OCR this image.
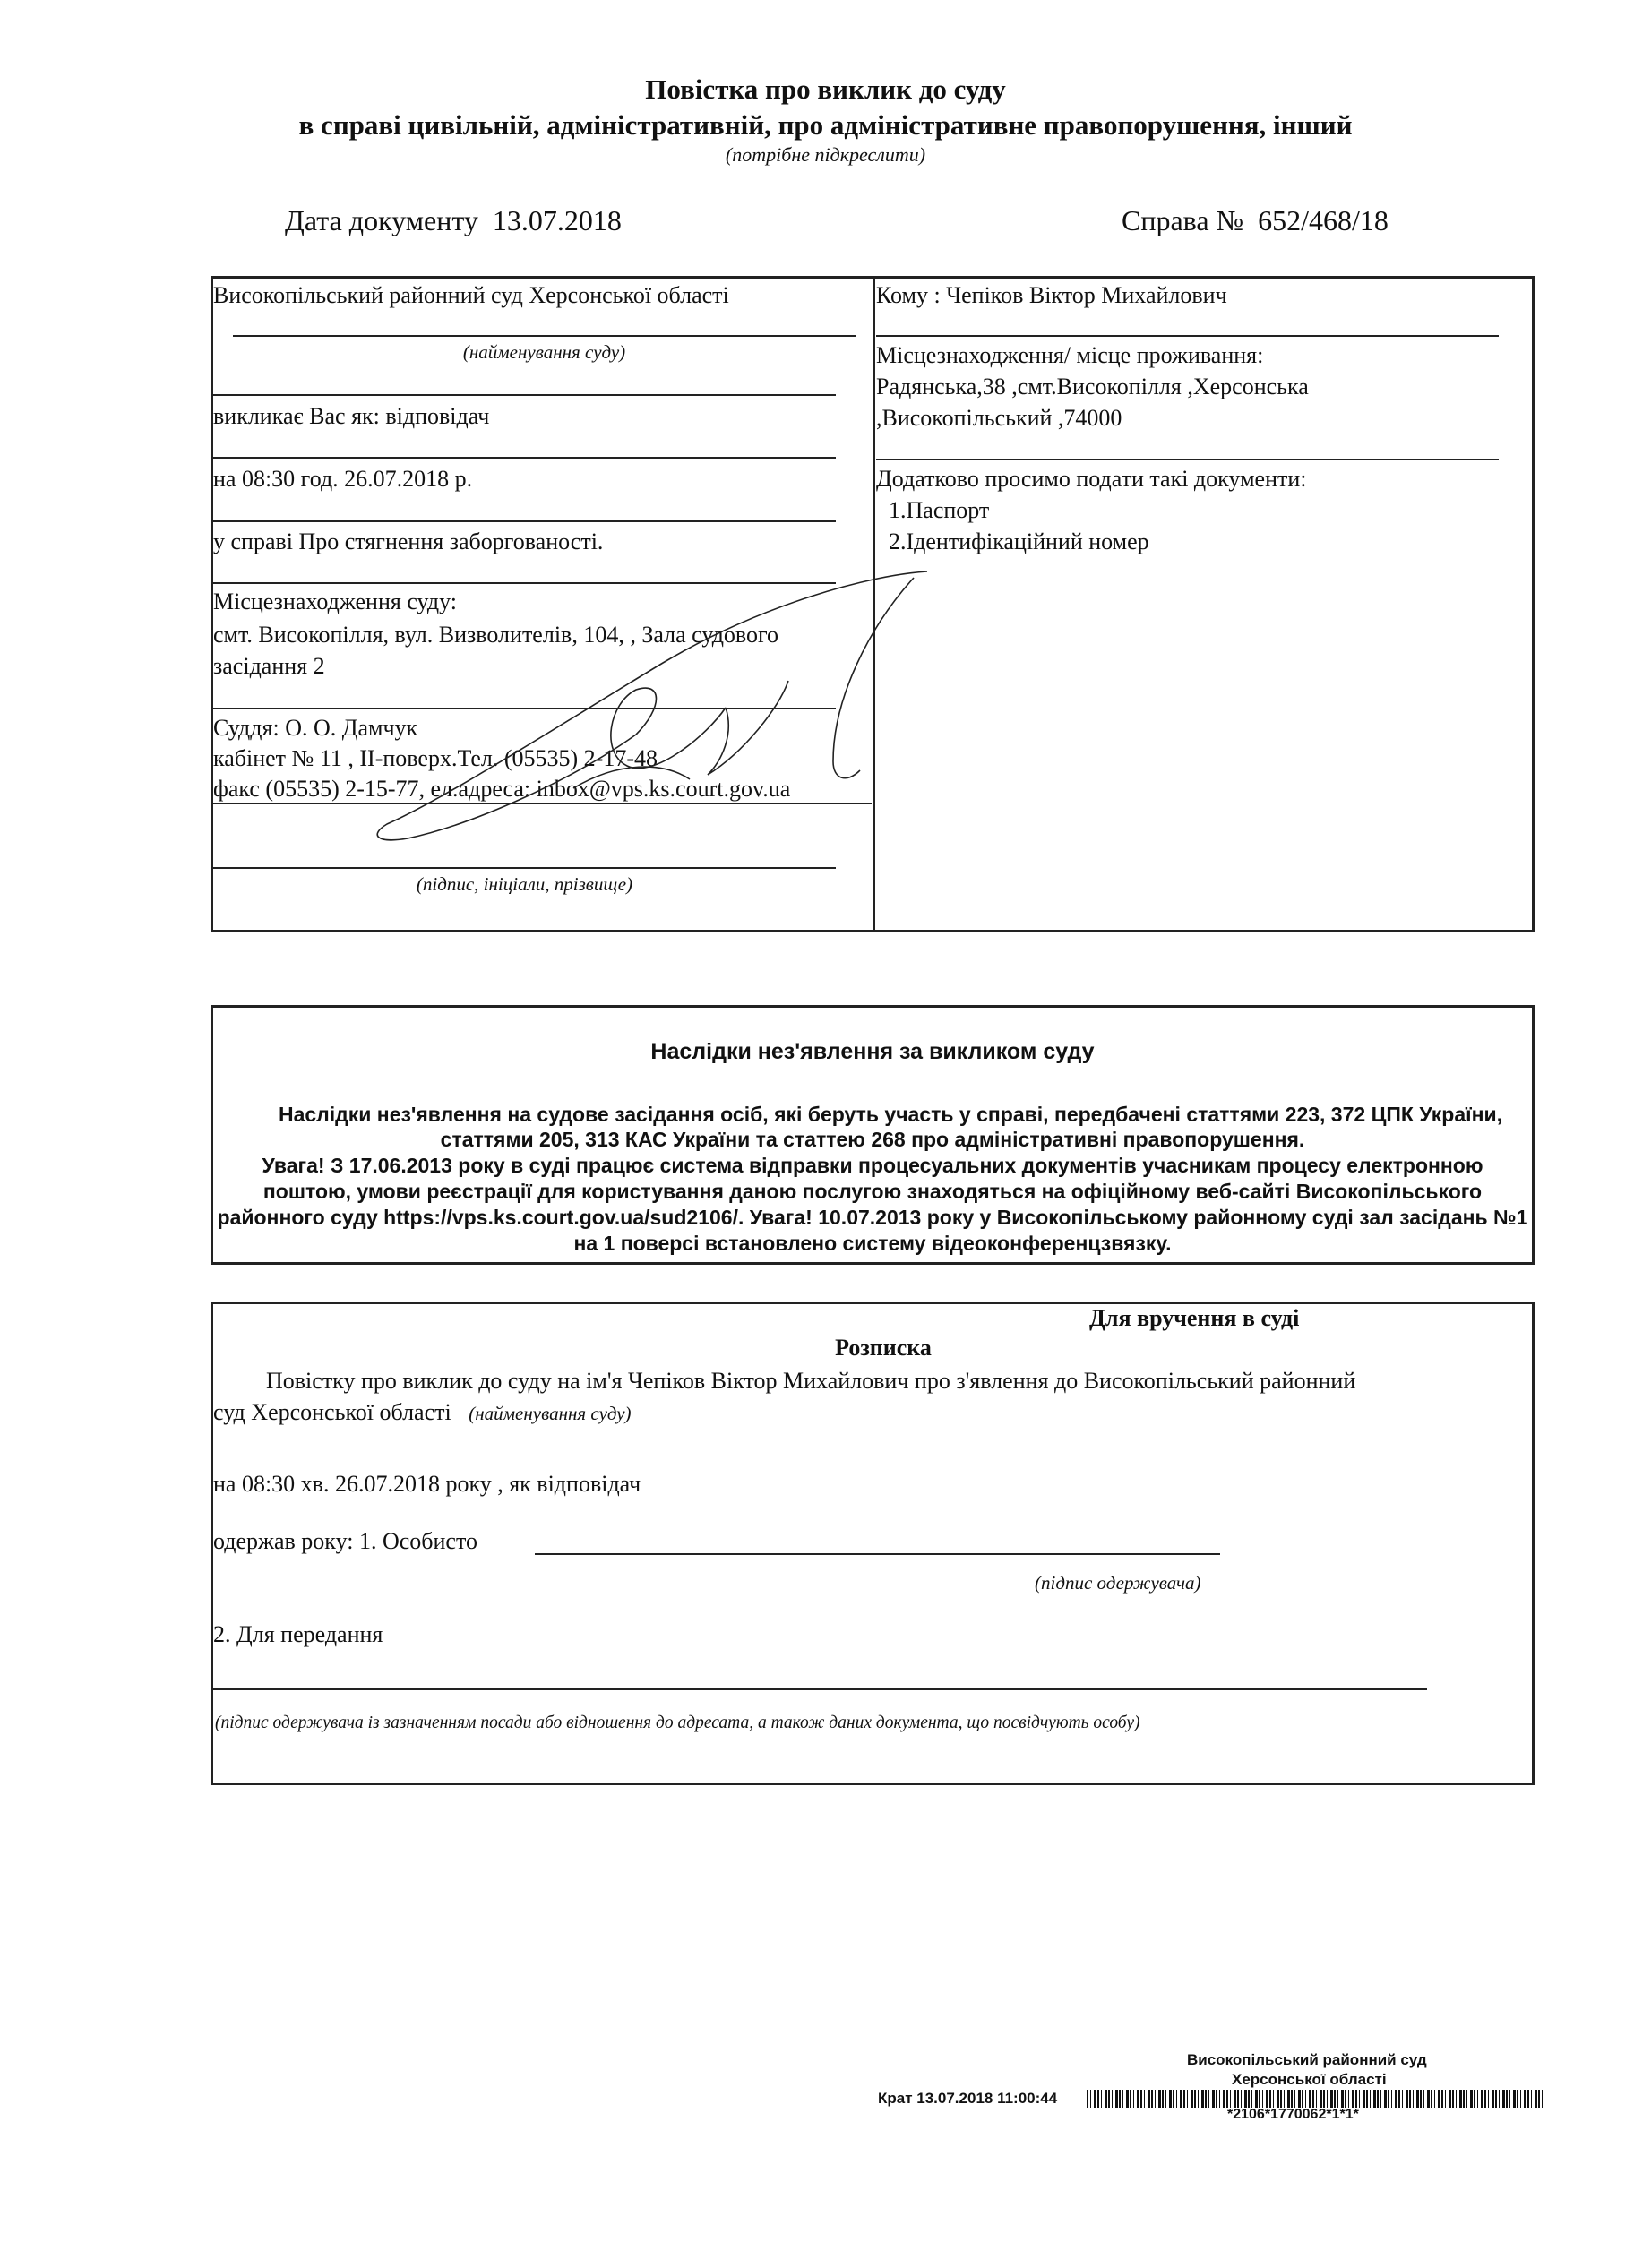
Повістка про виклик до суду
в справі цивільній, адміністративній, про адміністративне правопорушення, інший
(потрібне підкреслити)
Дата документу 13.07.2018	Справа № 652/468/18
Високопільський районний суд Херсонської області
(найменування суду)
викликає Вас як: відповідач
на 08:30 год. 26.07.2018 р.
у справі Про стягнення заборгованості.
Місцезнаходження суду:
смт. Високопілля, вул. Визволителів, 104, , Зала судового
засідання 2
Суддя: О. О. Дамчук
кабінет № 11 , ІІ-поверх.Тел. (05535) 2-17-48
факс (05535) 2-15-77, ел.адреса: inbox@vps.ks.court.gov.ua
(підпис, ініціали, прізвище)
Кому : Чепіков Віктор Михайлович
Місцезнаходження/ місце проживання:
Радянська,38 ,смт.Високопілля ,Херсонська
,Високопільський ,74000
Додатково просимо подати такі документи:
1.Паспорт
2.Ідентифікаційний номер
Наслідки нез'явлення за викликом суду
Наслідки нез'явлення на судове засідання осіб, які беруть участь у справі, передбачені статтями 223, 372 ЦПК України,
статтями 205, 313 КАС України та статтею 268 про адміністративні правопорушення.
Увага! З 17.06.2013 року в суді працює система відправки процесуальних документів учасникам процесу електронною
поштою, умови реєстрації для користування даною послугою знаходяться на офіційному веб-сайті Високопільського
районного суду https://vps.ks.court.gov.ua/sud2106/. Увага! 10.07.2013 року у Високопільському районному суді зал засідань №1
на 1 поверсі встановлено систему відеоконференцзвязку.
Для вручення в суді
Розписка
Повістку про виклик до суду на ім'я Чепіков Віктор Михайлович про з'явлення до Високопільський районний
суд Херсонської області (найменування суду)
на 08:30 хв. 26.07.2018 року , як відповідач
одержав року: 1. Особисто
(підпис одержувача)
2. Для передання
(підпис одержувача із зазначенням посади або відношення до адресата, а також даних документа, що посвідчують особу)
Високопільський районний суд
Херсонської області
Крат 13.07.2018 11:00:44
*2106*1770062*1*1*
